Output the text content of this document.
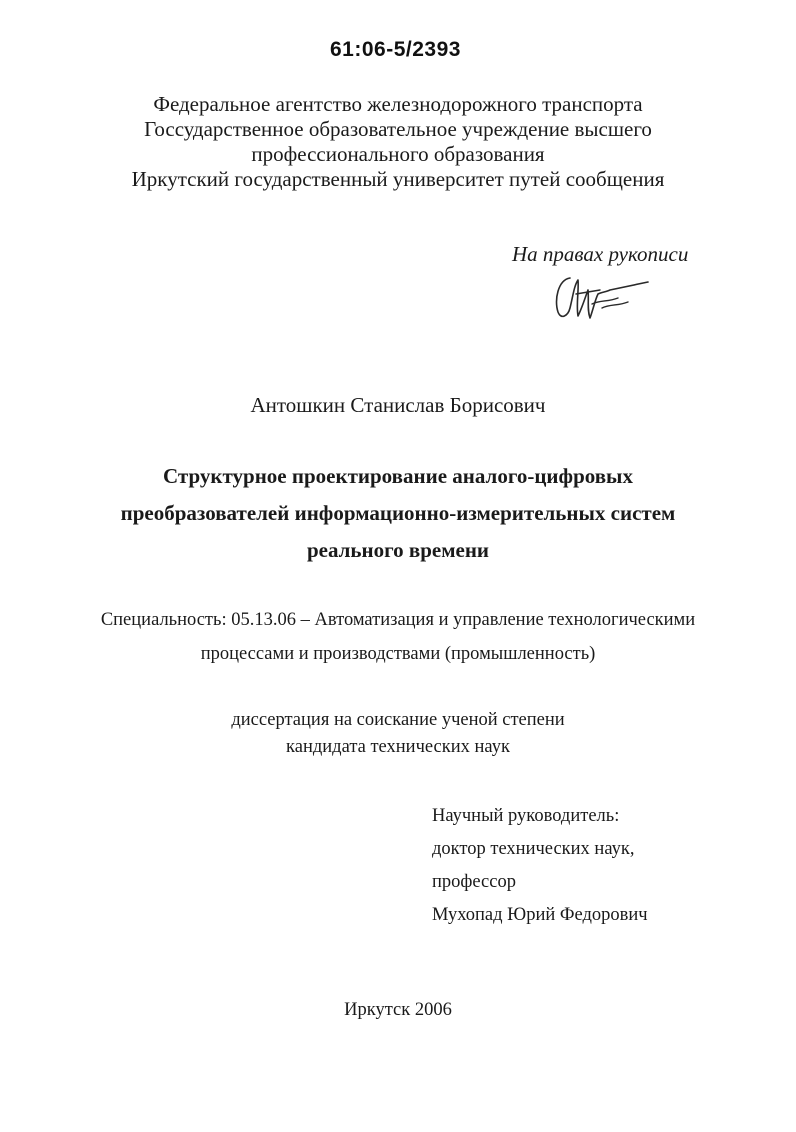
61:06-5/2393
Федеральное агентство железнодорожного транспорта
Госсударственное образовательное учреждение высшего
профессионального образования
Иркутский государственный университет путей сообщения
На правах рукописи
Антошкин Станислав Борисович
Структурное проектирование аналого-цифровых
преобразователей информационно-измерительных систем
реального времени
Специальность: 05.13.06 – Автоматизация и управление технологическими
процессами и производствами (промышленность)
диссертация на соискание ученой степени
кандидата технических наук
Научный руководитель:
доктор технических наук,
профессор
Мухопад Юрий Федорович
Иркутск 2006
